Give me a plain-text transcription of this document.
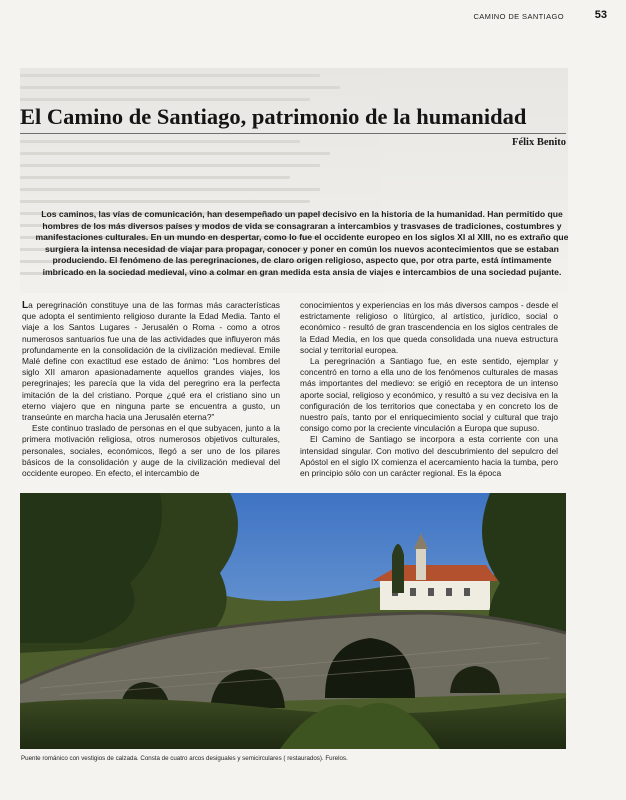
CAMINO DE SANTIAGO	53
El Camino de Santiago, patrimonio de la humanidad
Félix Benito

Los caminos, las vías de comunicación, han desempeñado un papel decisivo en la historia de la humanidad. Han permitido que hombres de los más diversos países y modos de vida se consagraran a intercambios y trasvases de tradiciones, costumbres y manifestaciones culturales. En un mundo en despertar, como lo fue el occidente europeo en los siglos XI al XIII, no es extraño que surgiera la intensa necesidad de viajar para propagar, conocer y poner en común los nuevos acontecimientos que se estaban produciendo. El fenómeno de las peregrinaciones, de claro origen religioso, aspecto que, por otra parte, está íntimamente imbricado en la sociedad medieval, vino a colmar en gran medida esta ansia de viajes e intercambios de una sociedad pujante.

La peregrinación constituye una de las formas más características que adopta el sentimiento religioso durante la Edad Media. Tanto el viaje a los Santos Lugares - Jerusalén o Roma - como a otros numerosos santuarios fue una de las actividades que influyeron más profundamente en la consolidación de la civilización medieval. Emile Malé define con exactitud ese estado de ánimo: “Los hombres del siglo XII amaron apasionadamente aquellos grandes viajes, los peregrinajes; les parecía que la vida del peregrino era la perfecta imitación de la del cristiano. Porque ¿qué era el cristiano sino un eterno viajero que en ninguna parte se encuentra a gusto, un transeúnte en marcha hacia una Jerusalén eterna?”

Este continuo traslado de personas en el que subyacen, junto a la primera motivación religiosa, otros numerosos objetivos culturales, personales, sociales, económicos, llegó a ser uno de los pilares básicos de la consolidación y auge de la civilización medieval del occidente europeo. En efecto, el intercambio de

conocimientos y experiencias en los más diversos campos - desde el estrictamente religioso o litúrgico, al artístico, jurídico, social o económico - resultó de gran trascendencia en los siglos centrales de la Edad Media, en los que queda consolidada una nueva estructura social y territorial europea.

La peregrinación a Santiago fue, en este sentido, ejemplar y concentró en torno a ella uno de los fenómenos culturales de masas más importantes del medievo: se erigió en receptora de un intenso aporte social, religioso y económico, y resultó a su vez decisiva en la configuración de los territorios que conectaba y en concreto los de nuestro país, tanto por el enriquecimiento social y cultural que trajo consigo como por la creciente vinculación a Europa que supuso.

El Camino de Santiago se incorpora a esta corriente con una intensidad singular. Con motivo del descubrimiento del sepulcro del Apóstol en el siglo IX comienza el acercamiento hacia la tumba, pero en principio sólo con un carácter regional. Es la época

Puente románico con vestigios de calzada. Consta de cuatro arcos desiguales y semicirculares ( restaurados). Furelos.
